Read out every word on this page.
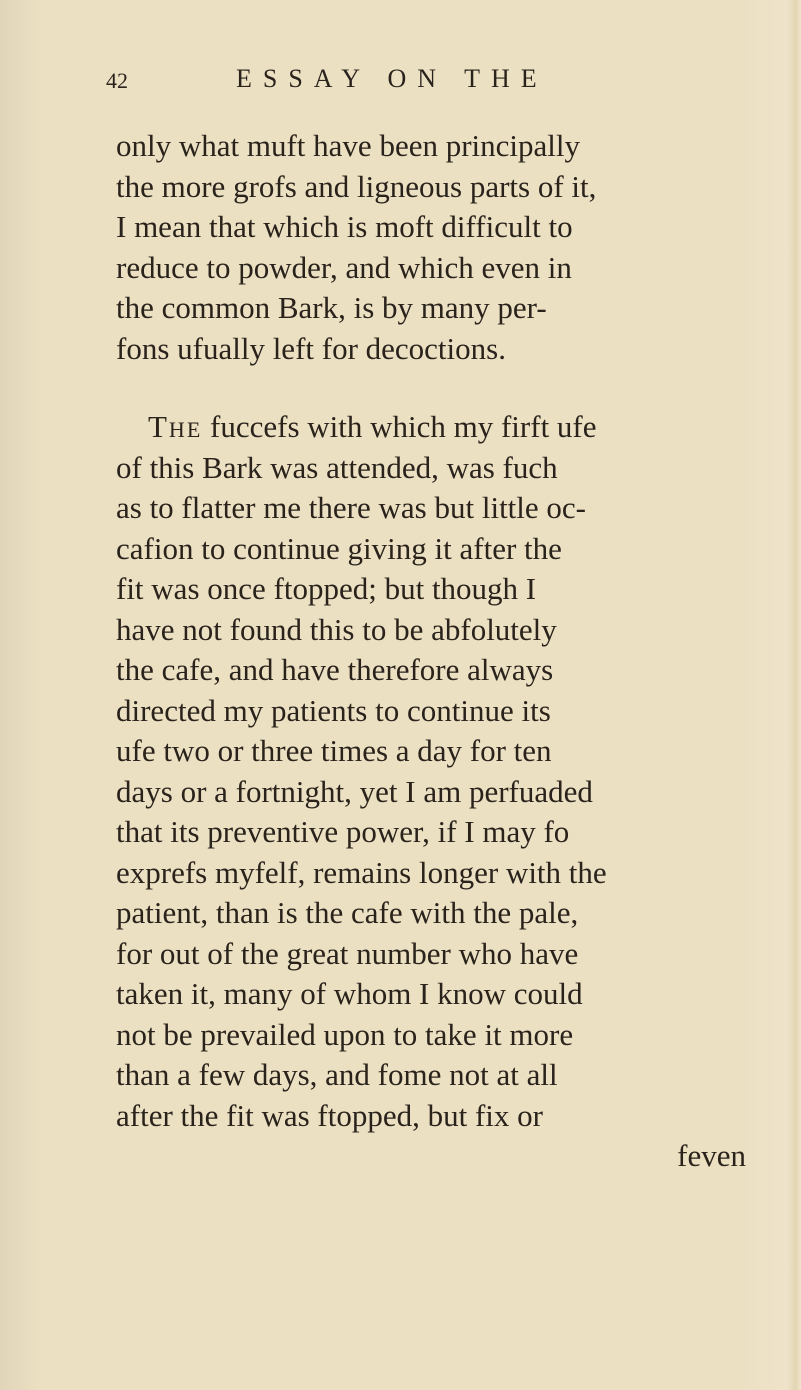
42	ESSAY ON THE
only what muft have been principally
the more grofs and ligneous parts of it,
I mean that which is moft difficult to
reduce to powder, and which even in
the common Bark, is by many per-
fons ufually left for decoctions.
The fuccefs with which my firft ufe
of this Bark was attended, was fuch
as to flatter me there was but little oc-
cafion to continue giving it after the
fit was once ftopped; but though I
have not found this to be abfolutely
the cafe, and have therefore always
directed my patients to continue its
ufe two or three times a day for ten
days or a fortnight, yet I am perfuaded
that its preventive power, if I may fo
exprefs myfelf, remains longer with the
patient, than is the cafe with the pale,
for out of the great number who have
taken it, many of whom I know could
not be prevailed upon to take it more
than a few days, and fome not at all
after the fit was ftopped, but fix or
feven
